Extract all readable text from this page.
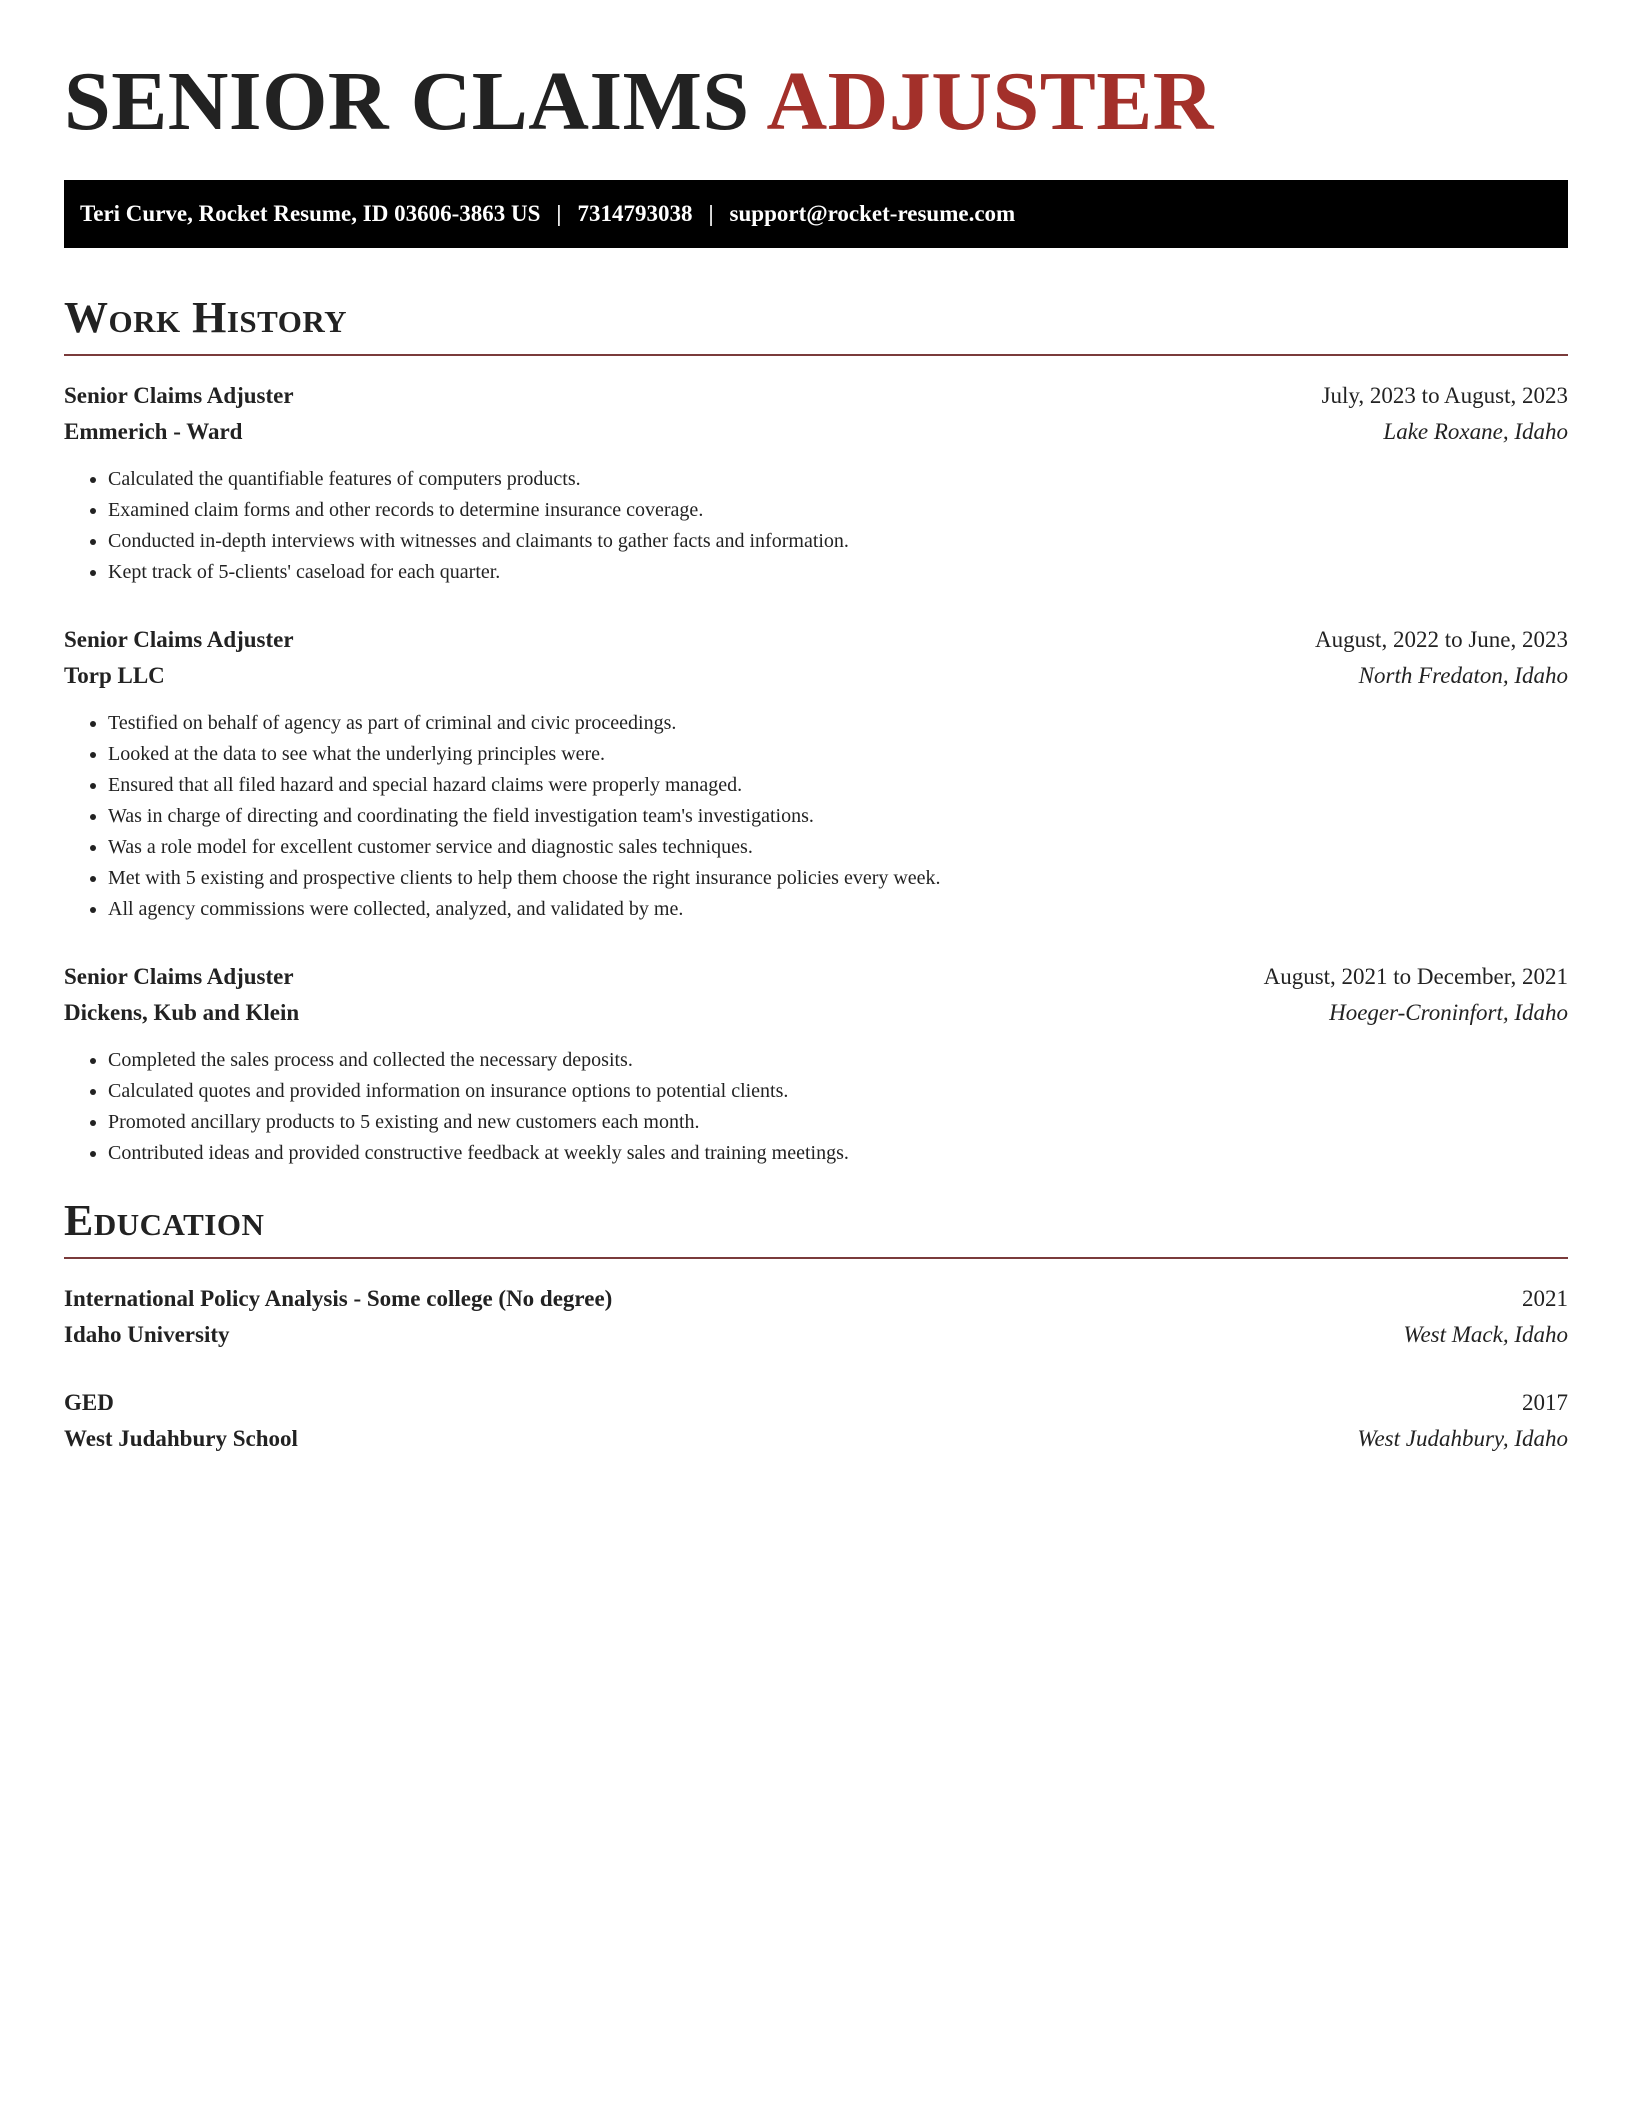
SENIOR CLAIMS ADJUSTER
Teri Curve, Rocket Resume, ID 03606-3863 US | 7314793038 | support@rocket-resume.com
Work History
Senior Claims Adjuster	July, 2023 to August, 2023
Emmerich - Ward	Lake Roxane, Idaho
• Calculated the quantifiable features of computers products.
• Examined claim forms and other records to determine insurance coverage.
• Conducted in-depth interviews with witnesses and claimants to gather facts and information.
• Kept track of 5-clients' caseload for each quarter.
Senior Claims Adjuster	August, 2022 to June, 2023
Torp LLC	North Fredaton, Idaho
• Testified on behalf of agency as part of criminal and civic proceedings.
• Looked at the data to see what the underlying principles were.
• Ensured that all filed hazard and special hazard claims were properly managed.
• Was in charge of directing and coordinating the field investigation team's investigations.
• Was a role model for excellent customer service and diagnostic sales techniques.
• Met with 5 existing and prospective clients to help them choose the right insurance policies every week.
• All agency commissions were collected, analyzed, and validated by me.
Senior Claims Adjuster	August, 2021 to December, 2021
Dickens, Kub and Klein	Hoeger-Croninfort, Idaho
• Completed the sales process and collected the necessary deposits.
• Calculated quotes and provided information on insurance options to potential clients.
• Promoted ancillary products to 5 existing and new customers each month.
• Contributed ideas and provided constructive feedback at weekly sales and training meetings.
Education
International Policy Analysis - Some college (No degree)	2021
Idaho University	West Mack, Idaho
GED	2017
West Judahbury School	West Judahbury, Idaho
